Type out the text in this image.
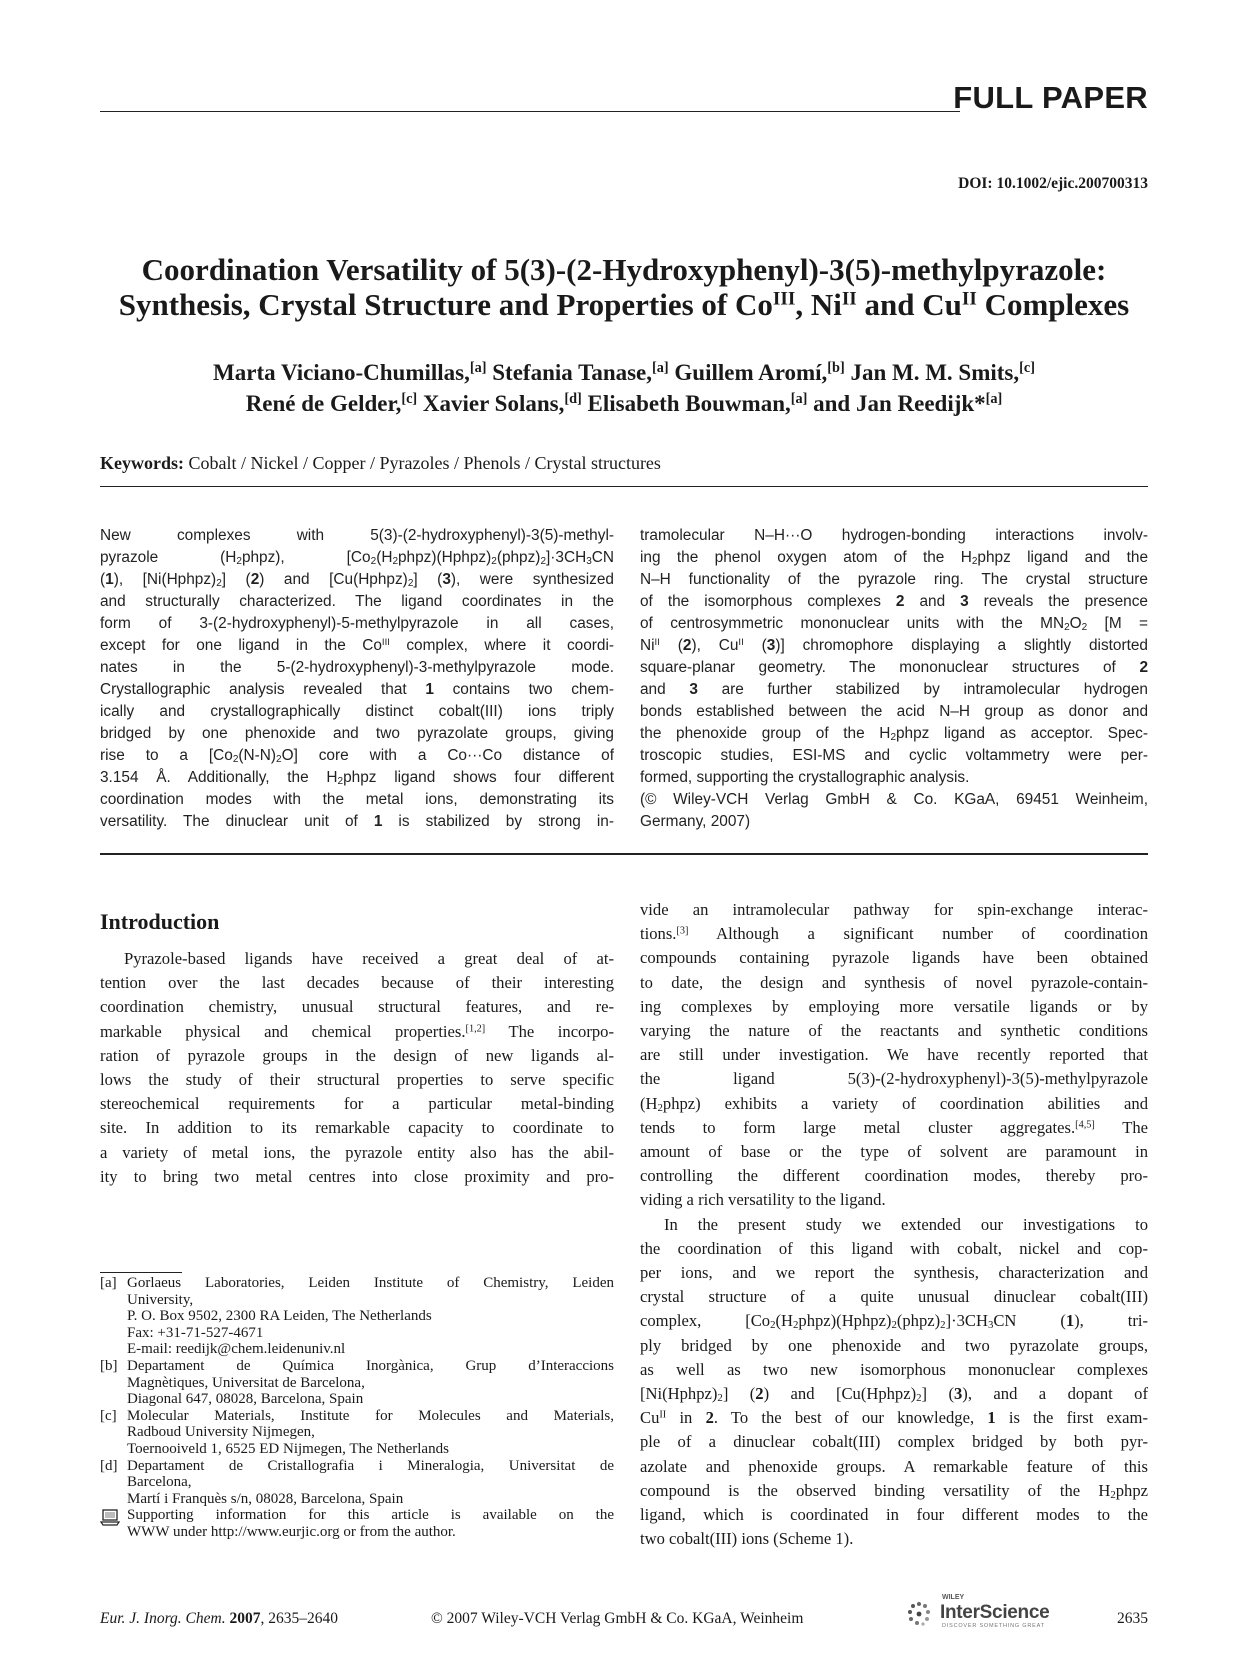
FULL PAPER
DOI: 10.1002/ejic.200700313
Coordination Versatility of 5(3)-(2-Hydroxyphenyl)-3(5)-methylpyrazole:
Synthesis, Crystal Structure and Properties of $Co^{III}$, $Ni^{II}$ and $Cu^{II}$ Complexes
Marta Viciano-Chumillas,[a] Stefania Tanase,[a] Guillem Aromí,[b] Jan M. M. Smits,[c]
René de Gelder,[c] Xavier Solans,[d] Elisabeth Bouwman,[a] and Jan Reedijk*[a]
Keywords: Cobalt / Nickel / Copper / Pyrazoles / Phenols / Crystal structures
New complexes with 5(3)-(2-hydroxyphenyl)-3(5)-methyl-
pyrazole $(H_2phpz)$, $[Co_2(H_2phpz)(Hphpz)_2(phpz)_2]\cdot 3CH_3CN$
(1), $[Ni(Hphpz)_2]$ (2) and $[Cu(Hphpz)_2]$ (3), were synthesized
and structurally characterized. The ligand coordinates in the
form of 3-(2-hydroxyphenyl)-5-methylpyrazole in all cases,
except for one ligand in the $Co^{III}$ complex, where it coordi-
nates in the 5-(2-hydroxyphenyl)-3-methylpyrazole mode.
Crystallographic analysis revealed that 1 contains two chem-
ically and crystallographically distinct cobalt(III) ions triply
bridged by one phenoxide and two pyrazolate groups, giving
rise to a $[Co_2(N-N)_2O]$ core with a Co···Co distance of
3.154 Å. Additionally, the $H_2phpz$ ligand shows four different
coordination modes with the metal ions, demonstrating its
versatility. The dinuclear unit of 1 is stabilized by strong in-
tramolecular N–H···O hydrogen-bonding interactions involv-
ing the phenol oxygen atom of the $H_2phpz$ ligand and the
N–H functionality of the pyrazole ring. The crystal structure
of the isomorphous complexes 2 and 3 reveals the presence
of centrosymmetric mononuclear units with the $MN_2O_2$ [M =
$Ni^{II}$ (2), $Cu^{II}$ (3)] chromophore displaying a slightly distorted
square-planar geometry. The mononuclear structures of 2
and 3 are further stabilized by intramolecular hydrogen
bonds established between the acid N–H group as donor and
the phenoxide group of the $H_2phpz$ ligand as acceptor. Spec-
troscopic studies, ESI-MS and cyclic voltammetry were per-
formed, supporting the crystallographic analysis.
(© Wiley-VCH Verlag GmbH & Co. KGaA, 69451 Weinheim,
Germany, 2007)
Introduction
Pyrazole-based ligands have received a great deal of at-
tention over the last decades because of their interesting
coordination chemistry, unusual structural features, and re-
markable physical and chemical properties.[1,2] The incorpo-
ration of pyrazole groups in the design of new ligands al-
lows the study of their structural properties to serve specific
stereochemical requirements for a particular metal-binding
site. In addition to its remarkable capacity to coordinate to
a variety of metal ions, the pyrazole entity also has the abil-
ity to bring two metal centres into close proximity and pro-
vide an intramolecular pathway for spin-exchange interac-
tions.[3] Although a significant number of coordination
compounds containing pyrazole ligands have been obtained
to date, the design and synthesis of novel pyrazole-contain-
ing complexes by employing more versatile ligands or by
varying the nature of the reactants and synthetic conditions
are still under investigation. We have recently reported that
the ligand 5(3)-(2-hydroxyphenyl)-3(5)-methylpyrazole
$(H_2phpz)$ exhibits a variety of coordination abilities and
tends to form large metal cluster aggregates.[4,5] The
amount of base or the type of solvent are paramount in
controlling the different coordination modes, thereby pro-
viding a rich versatility to the ligand.
In the present study we extended our investigations to
the coordination of this ligand with cobalt, nickel and cop-
per ions, and we report the synthesis, characterization and
crystal structure of a quite unusual dinuclear cobalt(III)
complex, $[Co_2(H_2phpz)(Hphpz)_2(phpz)_2]\cdot 3CH_3CN$ (1), tri-
ply bridged by one phenoxide and two pyrazolate groups,
as well as two new isomorphous mononuclear complexes
$[Ni(Hphpz)_2]$ (2) and $[Cu(Hphpz)_2]$ (3), and a dopant of
$Cu^{II}$ in 2. To the best of our knowledge, 1 is the first exam-
ple of a dinuclear cobalt(III) complex bridged by both pyr-
azolate and phenoxide groups. A remarkable feature of this
compound is the observed binding versatility of the $H_2phpz$
ligand, which is coordinated in four different modes to the
two cobalt(III) ions (Scheme 1).
[a] Gorlaeus Laboratories, Leiden Institute of Chemistry, Leiden
University,
P. O. Box 9502, 2300 RA Leiden, The Netherlands
Fax: +31-71-527-4671
E-mail: reedijk@chem.leidenuniv.nl
[b] Departament de Química Inorgànica, Grup d’Interaccions
Magnètiques, Universitat de Barcelona,
Diagonal 647, 08028, Barcelona, Spain
[c] Molecular Materials, Institute for Molecules and Materials,
Radboud University Nijmegen,
Toernooiveld 1, 6525 ED Nijmegen, The Netherlands
[d] Departament de Cristallografia i Mineralogia, Universitat de
Barcelona,
Martí i Franquès s/n, 08028, Barcelona, Spain
Supporting information for this article is available on the
WWW under http://www.eurjic.org or from the author.
Eur. J. Inorg. Chem. 2007, 2635–2640	© 2007 Wiley-VCH Verlag GmbH & Co. KGaA, Weinheim
WILEY
InterScience
DISCOVER SOMETHING GREAT	2635
